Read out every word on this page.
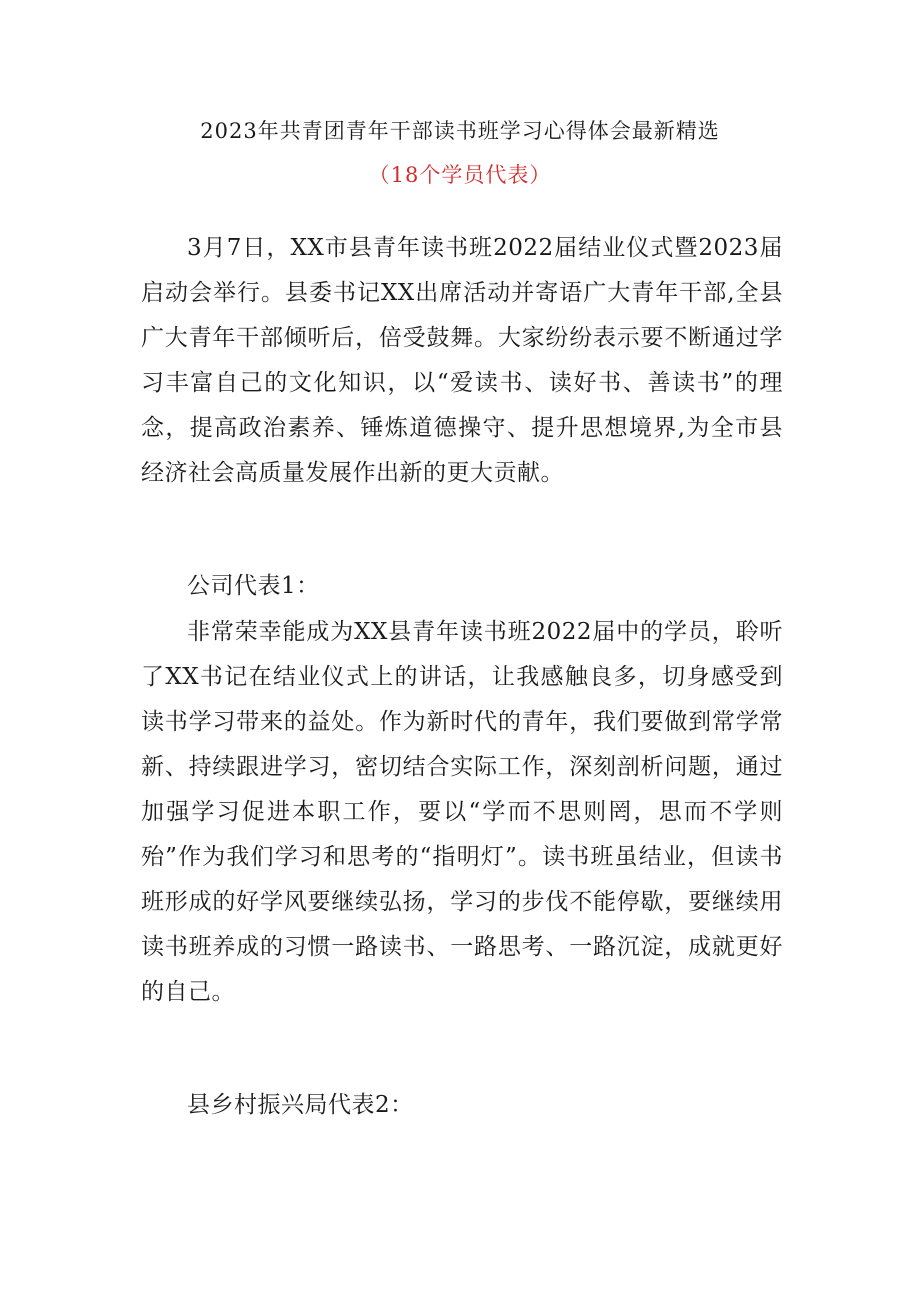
2023年共青团青年干部读书班学习心得体会最新精选
（18个学员代表）

3月7日，XX市县青年读书班2022届结业仪式暨2023届启动会举行。县委书记XX出席活动并寄语广大青年干部,全县广大青年干部倾听后，倍受鼓舞。大家纷纷表示要不断通过学习丰富自己的文化知识，以“爱读书、读好书、善读书”的理念，提高政治素养、锤炼道德操守、提升思想境界,为全市县经济社会高质量发展作出新的更大贡献。

公司代表1：

非常荣幸能成为XX县青年读书班2022届中的学员，聆听了XX书记在结业仪式上的讲话，让我感触良多，切身感受到读书学习带来的益处。作为新时代的青年，我们要做到常学常新、持续跟进学习，密切结合实际工作，深刻剖析问题，通过加强学习促进本职工作，要以“学而不思则罔，思而不学则殆”作为我们学习和思考的“指明灯”。读书班虽结业，但读书班形成的好学风要继续弘扬，学习的步伐不能停歇，要继续用读书班养成的习惯一路读书、一路思考、一路沉淀，成就更好的自己。

县乡村振兴局代表2：
